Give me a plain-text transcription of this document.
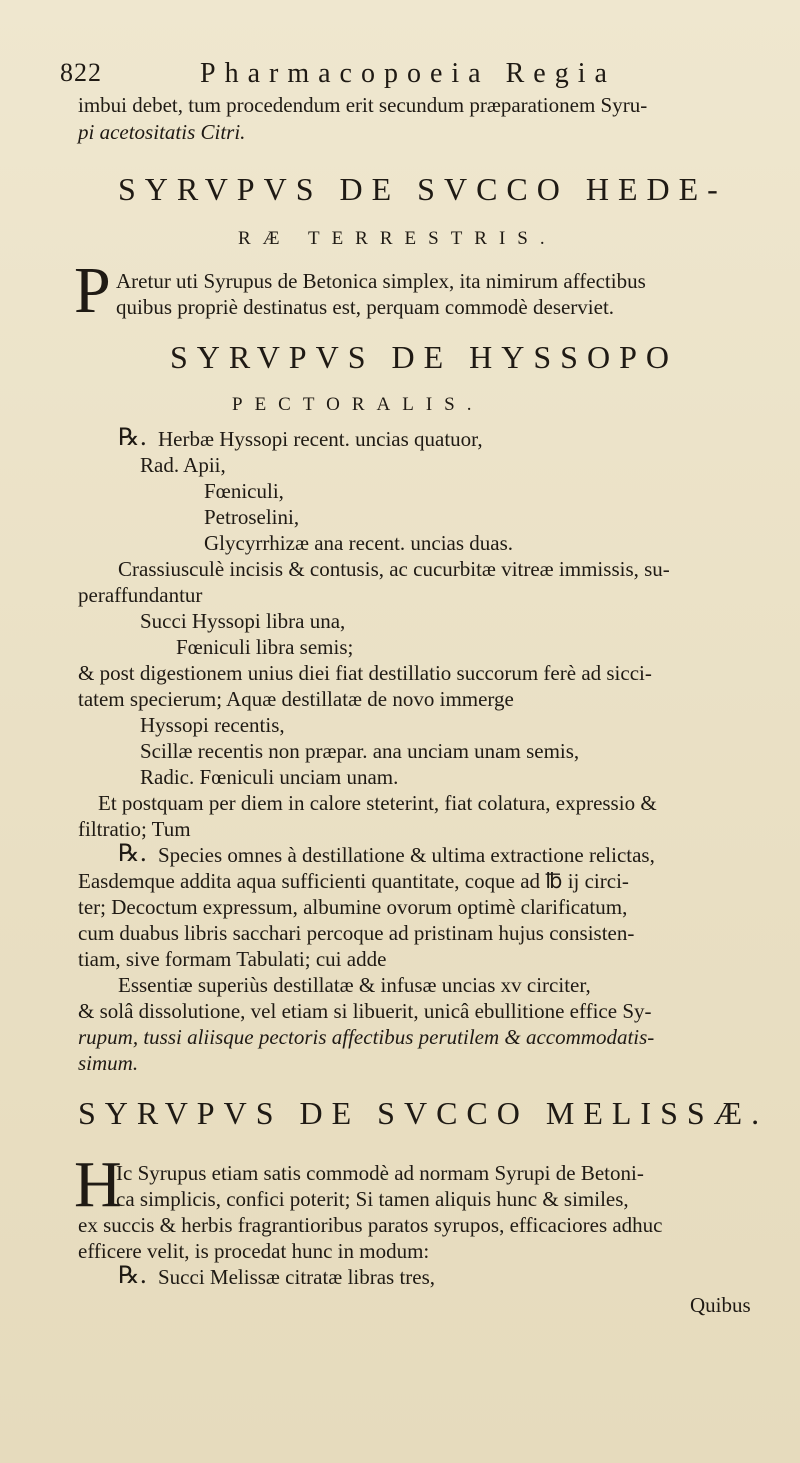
822	Pharmacopoeia Regia
imbui debet, tum procedendum erit secundum præparationem Syru-
pi acetositatis Citri.
SYRVPVS DE SVCCO HEDE-
RÆ TERRESTRIS.
P Aretur uti Syrupus de Betonica simplex, ita nimirum affectibus
quibus propriè destinatus est, perquam commodè deserviet.
SYRVPVS DE HYSSOPO
PECTORALIS.
℞. Herbæ Hyssopi recent. uncias quatuor,
Rad. Apii,
Fœniculi,
Petroselini,
Glycyrrhizæ ana recent. uncias duas.
Crassiusculè incisis & contusis, ac cucurbitæ vitreæ immissis, su-
peraffundantur
Succi Hyssopi libra una,
Fœniculi libra semis;
& post digestionem unius diei fiat destillatio succorum ferè ad sicci-
tatem specierum; Aquæ destillatæ de novo immerge
Hyssopi recentis,
Scillæ recentis non præpar. ana unciam unam semis,
Radic. Fœniculi unciam unam.
Et postquam per diem in calore steterint, fiat colatura, expressio &
filtratio; Tum
℞. Species omnes à destillatione & ultima extractione relictas,
Easdemque addita aqua sufficienti quantitate, coque ad ℔ ij circi-
ter; Decoctum expressum, albumine ovorum optimè clarificatum,
cum duabus libris sacchari percoque ad pristinam hujus consisten-
tiam, sive formam Tabulati; cui adde
Essentiæ superiùs destillatæ & infusæ uncias xv circiter,
& solâ dissolutione, vel etiam si libuerit, unicâ ebullitione effice Sy-
rupum, tussi aliisque pectoris affectibus perutilem & accommodatis-
simum.
SYRVPVS DE SVCCO MELISSÆ.
H
Ic Syrupus etiam satis commodè ad normam Syrupi de Betoni-
ca simplicis, confici poterit; Si tamen aliquis hunc & similes,
ex succis & herbis fragrantioribus paratos syrupos, efficaciores adhuc
efficere velit, is procedat hunc in modum:
℞. Succi Melissæ citratæ libras tres,
Quibus
